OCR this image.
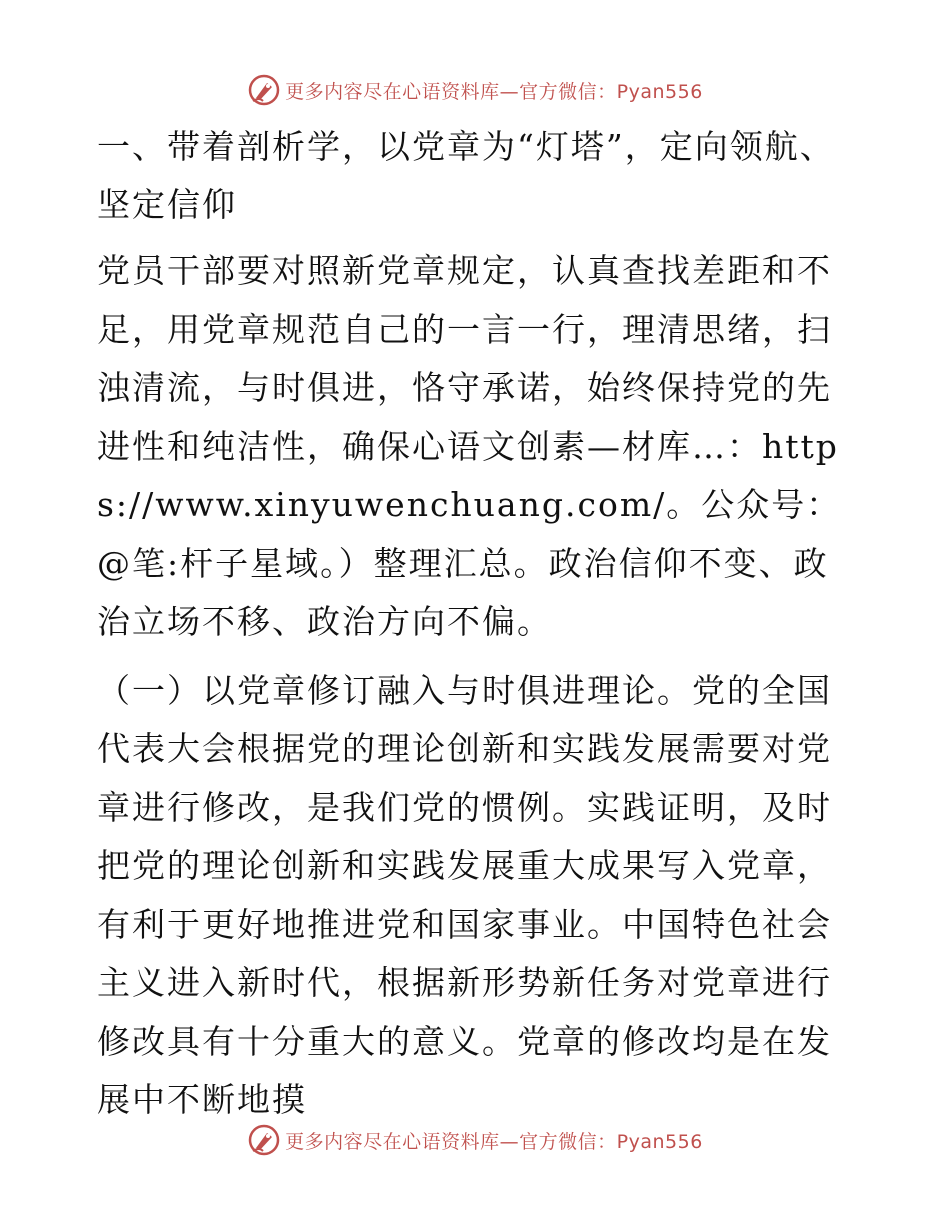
更多内容尽在心语资料库—官方微信：Pyan556
一、带着剖析学，以党章为“灯塔”，定向领航、坚定信仰

党员干部要对照新党章规定，认真查找差距和不足，用党章规范自己的一言一行，理清思绪，扫浊清流，与时俱进，恪守承诺，始终保持党的先进性和纯洁性，确保心语文创素—材库…：https://www.xinyuwenchuang.com/。公众号：@笔:杆子星域。）整理汇总。政治信仰不变、政治立场不移、政治方向不偏。

（一）以党章修订融入与时俱进理论。党的全国代表大会根据党的理论创新和实践发展需要对党章进行修改，是我们党的惯例。实践证明，及时把党的理论创新和实践发展重大成果写入党章，有利于更好地推进党和国家事业。中国特色社会主义进入新时代，根据新形势新任务对党章进行修改具有十分重大的意义。党章的修改均是在发展中不断地摸

更多内容尽在心语资料库—官方微信：Pyan556
